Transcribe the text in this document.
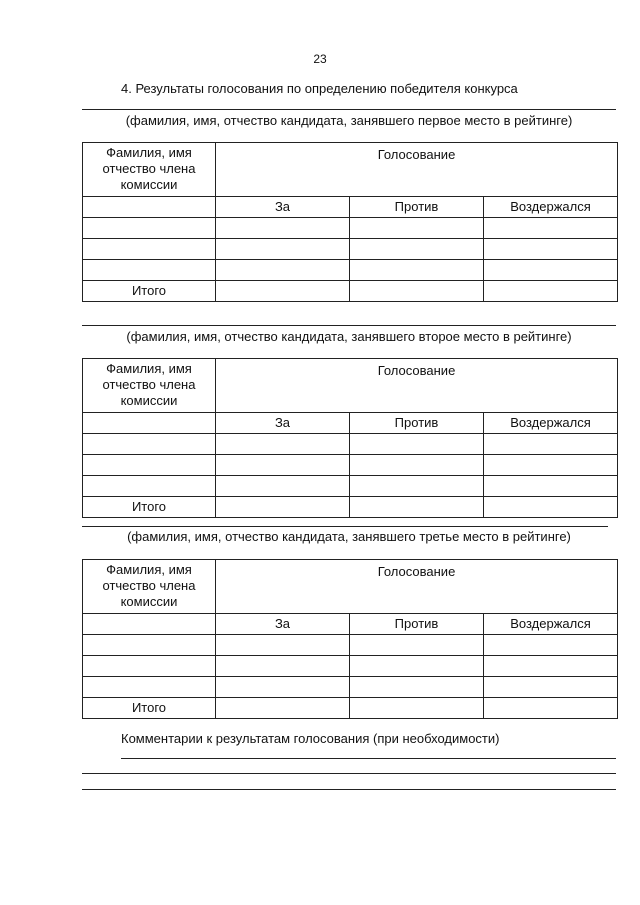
23
4. Результаты голосования по определению победителя конкурса
(фамилия, имя, отчество кандидата, занявшего первое место в рейтинге)
Фамилия, имя отчество члена комиссии	Голосование		
	За	Против	Воздержался

Итого			
(фамилия, имя, отчество кандидата, занявшего второе место в рейтинге)
Фамилия, имя отчество члена комиссии	Голосование		
	За	Против	Воздержался

Итого			
(фамилия, имя, отчество кандидата, занявшего третье место в рейтинге)
Фамилия, имя отчество члена комиссии	Голосование		
	За	Против	Воздержался

Итого			
Комментарии к результатам голосования (при необходимости)
